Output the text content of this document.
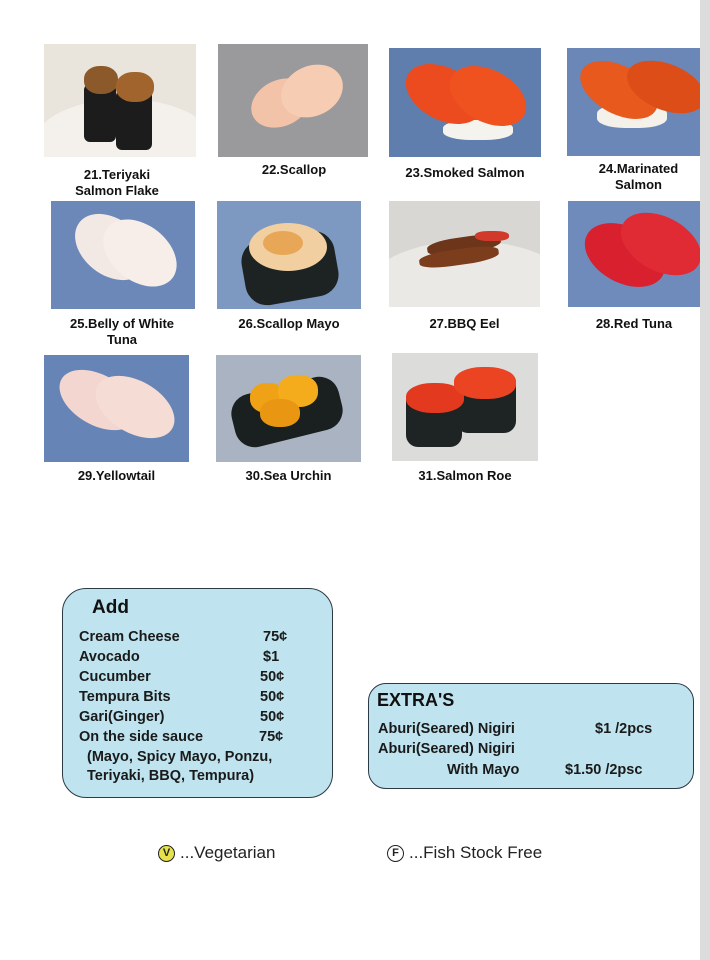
21.Teriyaki
Salmon Flake
22.Scallop	23.Smoked Salmon	24.Marinated
Salmon
25.Belly of White
Tuna
26.Scallop Mayo	27.BBQ Eel	28.Red Tuna
29.Yellowtail	30.Sea Urchin	31.Salmon Roe
Add
Cream Cheese	75¢
Avocado	$1
Cucumber	50¢
Tempura Bits	50¢
Gari(Ginger)	50¢
On the side sauce	75¢
(Mayo, Spicy Mayo, Ponzu,
Teriyaki, BBQ, Tempura)
EXTRA'S
Aburi(Seared) Nigiri	$1 /2pcs
Aburi(Seared) Nigiri
With Mayo	$1.50 /2psc
V ...Vegetarian	F ...Fish Stock Free
